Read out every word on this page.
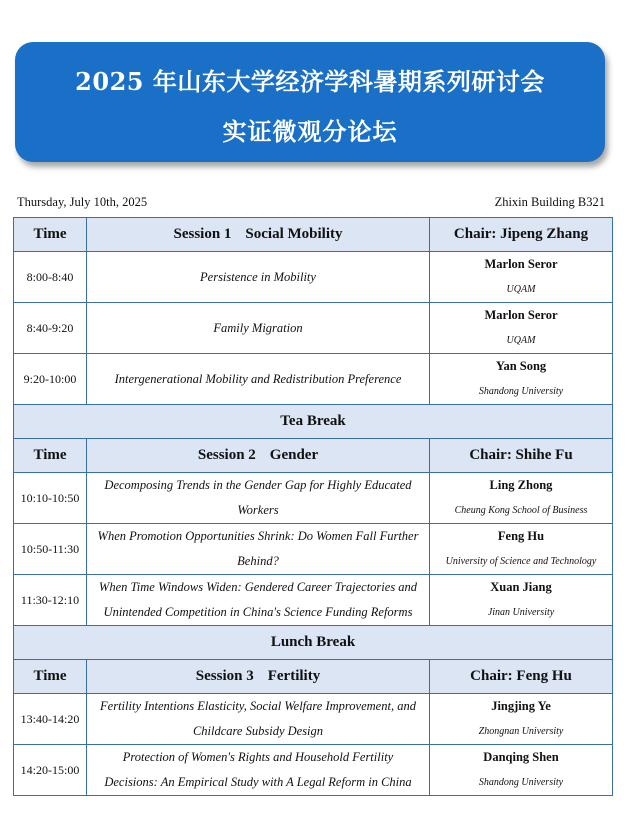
2025 年山东大学经济学科暑期系列研讨会
实证微观分论坛
Thursday, July 10th, 2025	Zhixin Building B321
Time	Session 1 Social Mobility	Chair: Jipeng Zhang
8:00-8:40	Persistence in Mobility	Marlon Seror
UQAM

8:40-9:20	Family Migration	Marlon Seror
UQAM

9:20-10:00	Intergenerational Mobility and Redistribution Preference	Yan Song
Shandong University

Tea Break		
Time	Session 2 Gender	Chair: Shihe Fu
10:10-10:50	Decomposing Trends in the Gender Gap for Highly Educated
Workers	Ling Zhong
Cheung Kong School of Business

10:50-11:30	When Promotion Opportunities Shrink: Do Women Fall Further
Behind?	Feng Hu
University of Science and Technology

11:30-12:10	When Time Windows Widen: Gendered Career Trajectories and
Unintended Competition in China's Science Funding Reforms	Xuan Jiang
Jinan University

Lunch Break		
Time	Session 3 Fertility	Chair: Feng Hu
13:40-14:20	Fertility Intentions Elasticity, Social Welfare Improvement, and
Childcare Subsidy Design	Jingjing Ye
Zhongnan University

14:20-15:00	Protection of Women's Rights and Household Fertility
Decisions: An Empirical Study with A Legal Reform in China	Danqing Shen
Shandong University
